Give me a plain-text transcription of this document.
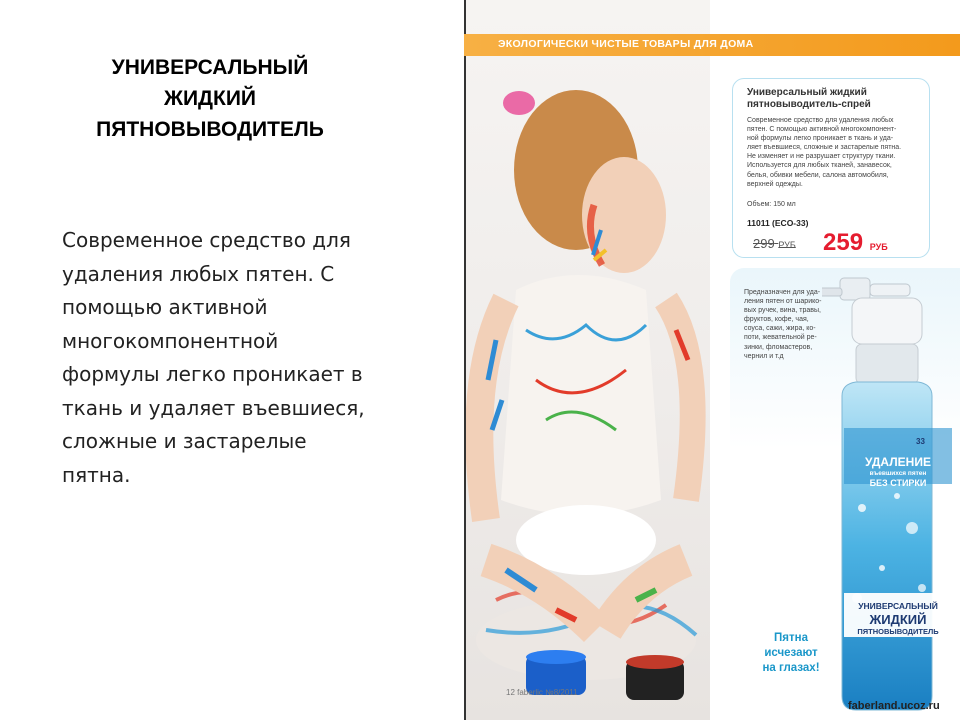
УНИВЕРСАЛЬНЫЙ
ЖИДКИЙ
ПЯТНОВЫВОДИТЕЛЬ
Современное средство для
удаления любых пятен. С
помощью активной
многокомпонентной
формулы легко проникает в
ткань и удаляет въевшиеся,
сложные и застарелые
пятна.
12 faberlic №8/2011
ЭКОЛОГИЧЕСКИ ЧИСТЫЕ ТОВАРЫ ДЛЯ ДОМА
Универсальный жидкий
пятновыводитель-спрей
Современное средство для удаления любых
пятен. С помощью активной многокомпонент-
ной формулы легко проникает в ткань и уда-
ляет въевшиеся, сложные и застарелые пятна.
Не изменяет и не разрушает структуру ткани.
Используется для любых тканей, занавесок,
белья, обивки мебели, салона автомобиля,
верхней одежды.
Объем: 150 мл
11011 (ECO-33)
299 РУБ 259 РУБ
Предназначен для уда-
ления пятен от шарико-
вых ручек, вина, травы,
фруктов, кофе, чая,
соуса, сажи, жира, ко-
поти, жевательной ре-
зинки, фломастеров,
чернил и т.д
Пятна
исчезают
на глазах!
УНИВЕРСАЛЬНЫЙ
ЖИДКИЙ
ПЯТНОВЫВОДИТЕЛЬ
33
УДАЛЕНИЕ
въевшихся пятен
БЕЗ СТИРКИ
faberland.ucoz.ru
